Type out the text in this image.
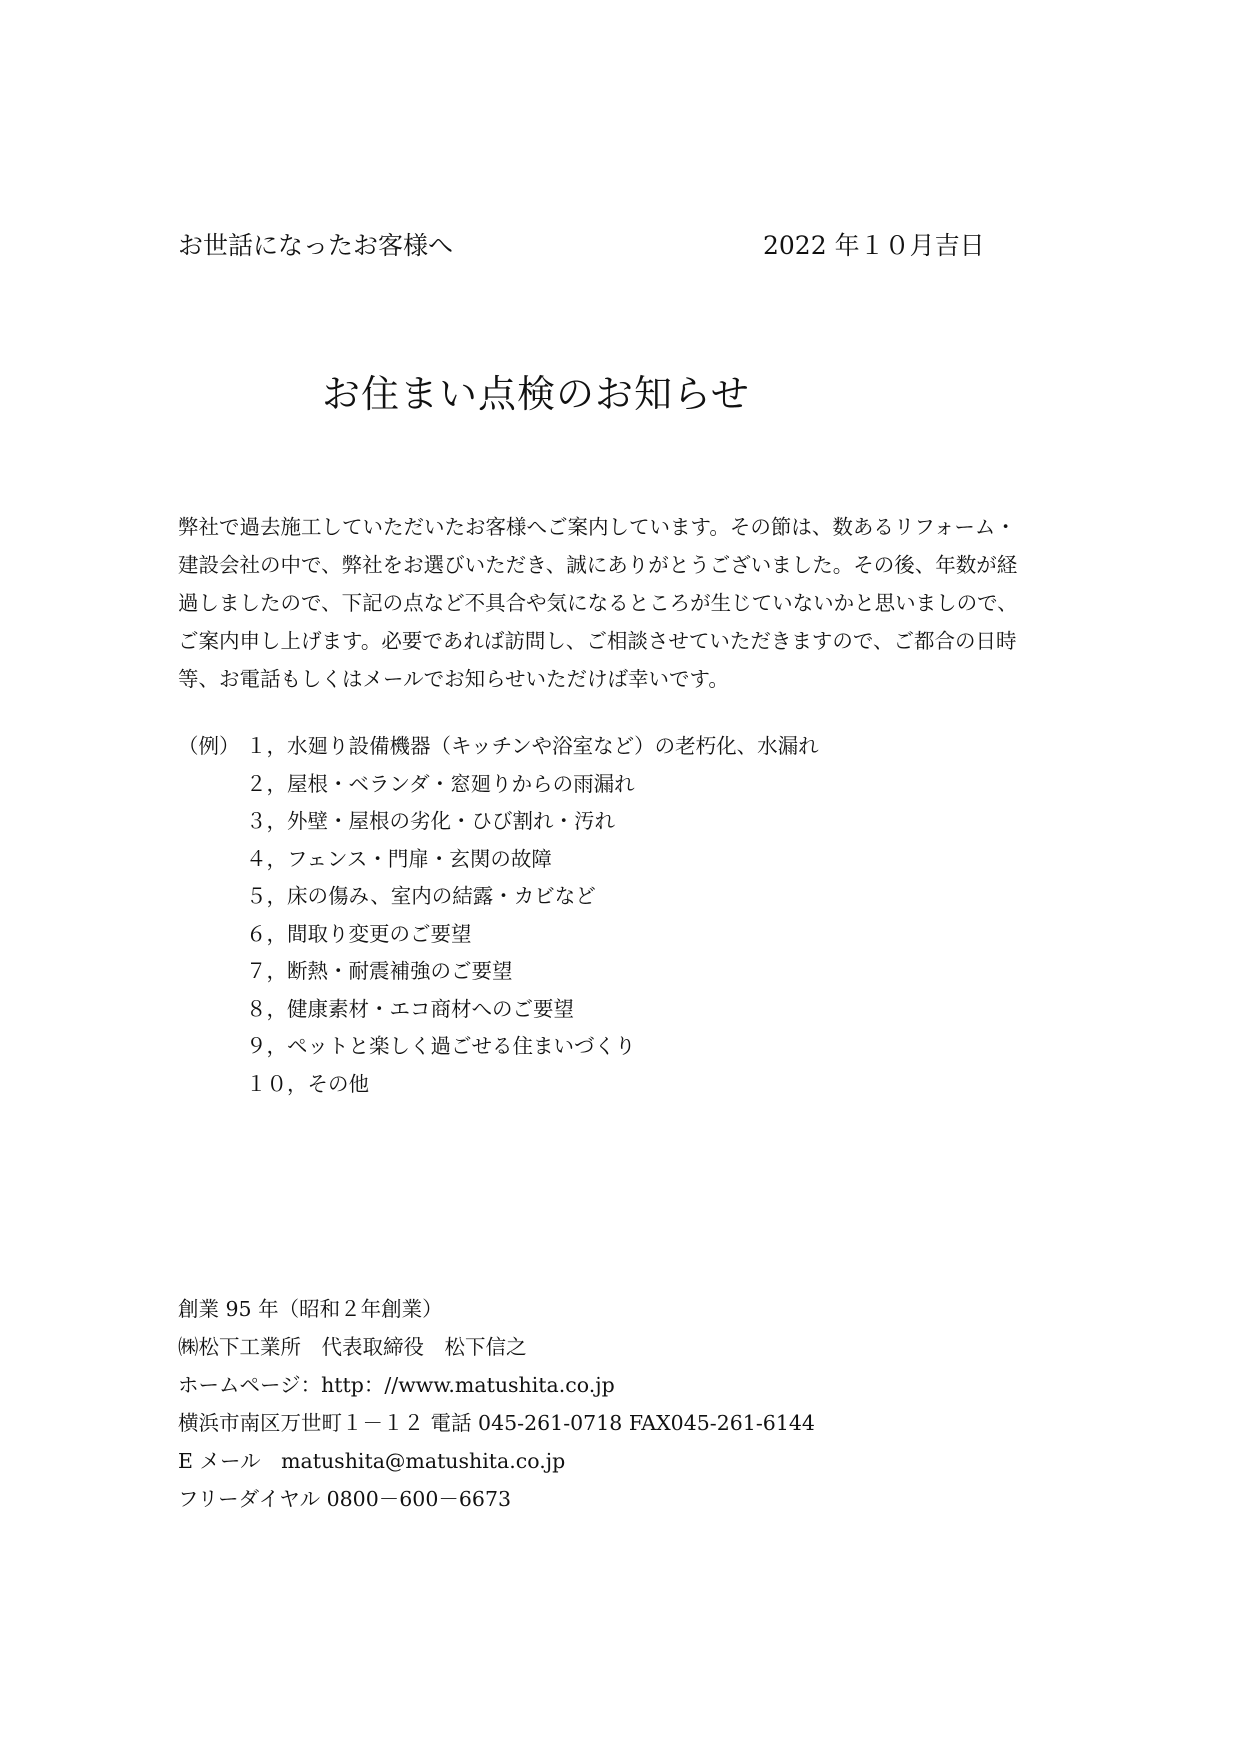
お世話になったお客様へ	2022 年１０月吉日
お住まい点検のお知らせ
弊社で過去施工していただいたお客様へご案内しています。その節は、数あるリフォーム・
建設会社の中で、弊社をお選びいただき、誠にありがとうございました。その後、年数が経
過しましたので、下記の点など不具合や気になるところが生じていないかと思いましので、
ご案内申し上げます。必要であれば訪問し、ご相談させていただきますので、ご都合の日時
等、お電話もしくはメールでお知らせいただけば幸いです。
（例） １，水廻り設備機器（キッチンや浴室など）の老朽化、水漏れ
２，屋根・ベランダ・窓廻りからの雨漏れ
３，外壁・屋根の劣化・ひび割れ・汚れ
４，フェンス・門扉・玄関の故障
５，床の傷み、室内の結露・カビなど
６，間取り変更のご要望
７，断熱・耐震補強のご要望
８，健康素材・エコ商材へのご要望
９，ペットと楽しく過ごせる住まいづくり
１０，その他
創業 95 年（昭和２年創業）
㈱松下工業所　代表取締役　松下信之
ホームページ：http：//www.matushita.co.jp
横浜市南区万世町１－１２ 電話 045-261-0718 FAX045-261-6144
E メール　matushita@matushita.co.jp
フリーダイヤル 0800－600－6673
